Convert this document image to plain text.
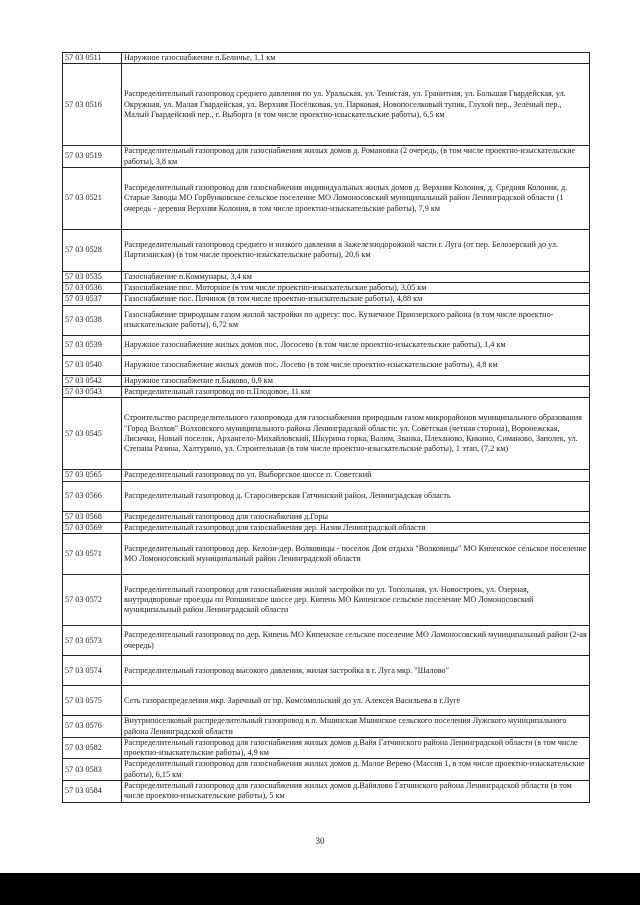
57 03 0511	Наружное газоснабжение п.Беличье, 1,1 км
57 03 0516	Распределительный газопровод среднего давления по ул. Уральская. ул. Тенистая, ул. Гранитная, ул. Большая Гвардейская, ул. Окружная, ул. Малая Гвардейская, ул. Верхняя Посёлковая, ул. Парковая, Новопоселковый тупик, Глухой пер., Зелёный пер., Малый Гвардейский пер., г. Выборга (в том числе проектно-изыскательские работы), 6,5 км
57 03 0519	Распределительный газопровод для газоснабжения жилых домов д. Романовка (2 очередь, (в том числе проектно-изыскательские работы), 3,8 км
57 03 0521	Распределительный газопровод для газоснабжения индивидуальных жилых домов д. Верхняя Колония, д. Средняя Колония, д. Старые Заводы МО Горбунковское сельское поселение МО Ломоносовский муниципальный район Ленинградской области (1 очередь - деревня Верхняя Колония, в том числе проектно-изыскательские работы), 7,9 км
57 03 0528	Распределительный газопровод среднего и низкого давления в Зажелезнодорожной части г. Луга (от пер. Белозерский до ул. Партизанская) (в том числе проектно-изыскательские работы), 20,6 км
57 03 0535	Газоснабжение п.Коммунары, 3,4 км
57 03 0536	Газоснабжение пос. Моторное (в том числе проектно-изыскательские работы), 3,05 км
57 03 0537	Газоснабжение пос. Починок (в том числе проектно-изыскательские работы), 4,88 км
57 03 0538	Газоснабжение природным газом жилой застройки по адресу: пос. Кузнечное Приозерского района (в том числе проектно-изыскательские работы), 6,72 км
57 03 0539	Наружное газоснабжение жилых домов пос. Лососево (в том числе проектно-изыскательские работы), 1,4 км
57 03 0540	Наружное газоснабжение жилых домов пос. Лосево (в том числе проектно-изыскательские работы), 4,8 км
57 03 0542	Наружное газоснабжение п.Быково, 0,9 км
57 03 0543	Распределительный газопровод по п.Плодовое, 11 км
57 03 0545	Строительство распределительного газопровода для газоснабжения природным газом микрорайонов муниципального образования "Город Волхов" Волховского муниципального района Ленинградской области: ул. Советская (четная сторона), Воронежская, Лисички, Новый поселок, Архангело-Михайловский, Шкурина горка, Валим, Званка, Плеханово, Кикино, Симаново, Заполек, ул. Степана Разина, Халтурино, ул. Строительная (в том числе проектно-изыскательские работы), 1 этап, (7,2 км)
57 03 0565	Распределительный газопровод по ул. Выборгское шоссе п. Советский
57 03 0566	Распределительный газопровод д. Старосиверская Гатчинский район, Ленинградская область
57 03 0568	Распределительный газопровод для газоснабжения д.Горы
57 03 0569	Распределительный газопровод для газоснабжения дер. Назия Ленинградской области
57 03 0571	Распределительный газопровод дер. Келози-дер. Волковицы - поселок Дом отдыха "Волковицы" МО Кипенское сельское поселение МО Ломоносовский муниципальный район Ленинградской области
57 03 0572	Распределительный газопровод для газоснабжения жилой застройки по ул. Топольная, ул. Новостроек, ул. Озерная, внутридворовые проезды по Ропшинское шоссе дер. Кипень МО Кипенское сельское поселение МО Ломоносовский муниципальный район Ленинградской области
57 03 0573	Распределительный газопровод по дер. Кипень МО Кипенское сельское поселение МО Ломоносовский муниципальный район (2-ая очередь)
57 03 0574	Распределительный газопровод высокого давления, жилая застройка в г. Луга мкр. "Шалово"
57 03 0575	Сеть газораспределения мкр. Заречный от пр. Комсомольский до ул. Алексея Васильева в г.Луге
57 03 0576	Внутрипоселковый распределительный газопровод в п. Мшинская Мшинское сельского поселения Лужского муниципального района Ленинградской области
57 03 0582	Распределительный газопровод для газоснабжения жилых домов д.Вайя Гатчинского района Ленинградской области (в том числе проектно-изыскательские работы), 4,9 км
57 03 0583	Распределительный газопровод для газоснабжения жилых домов д. Малое Верево (Массив 1, в том числе проектно-изыскательские работы), 6,15 км
57 03 0584	Распределительный газопровод для газоснабжения жилых домов д.Вайялово Гатчинского района Ленинградской области (в том числе проектно-изыскательские работы), 5 км
30
